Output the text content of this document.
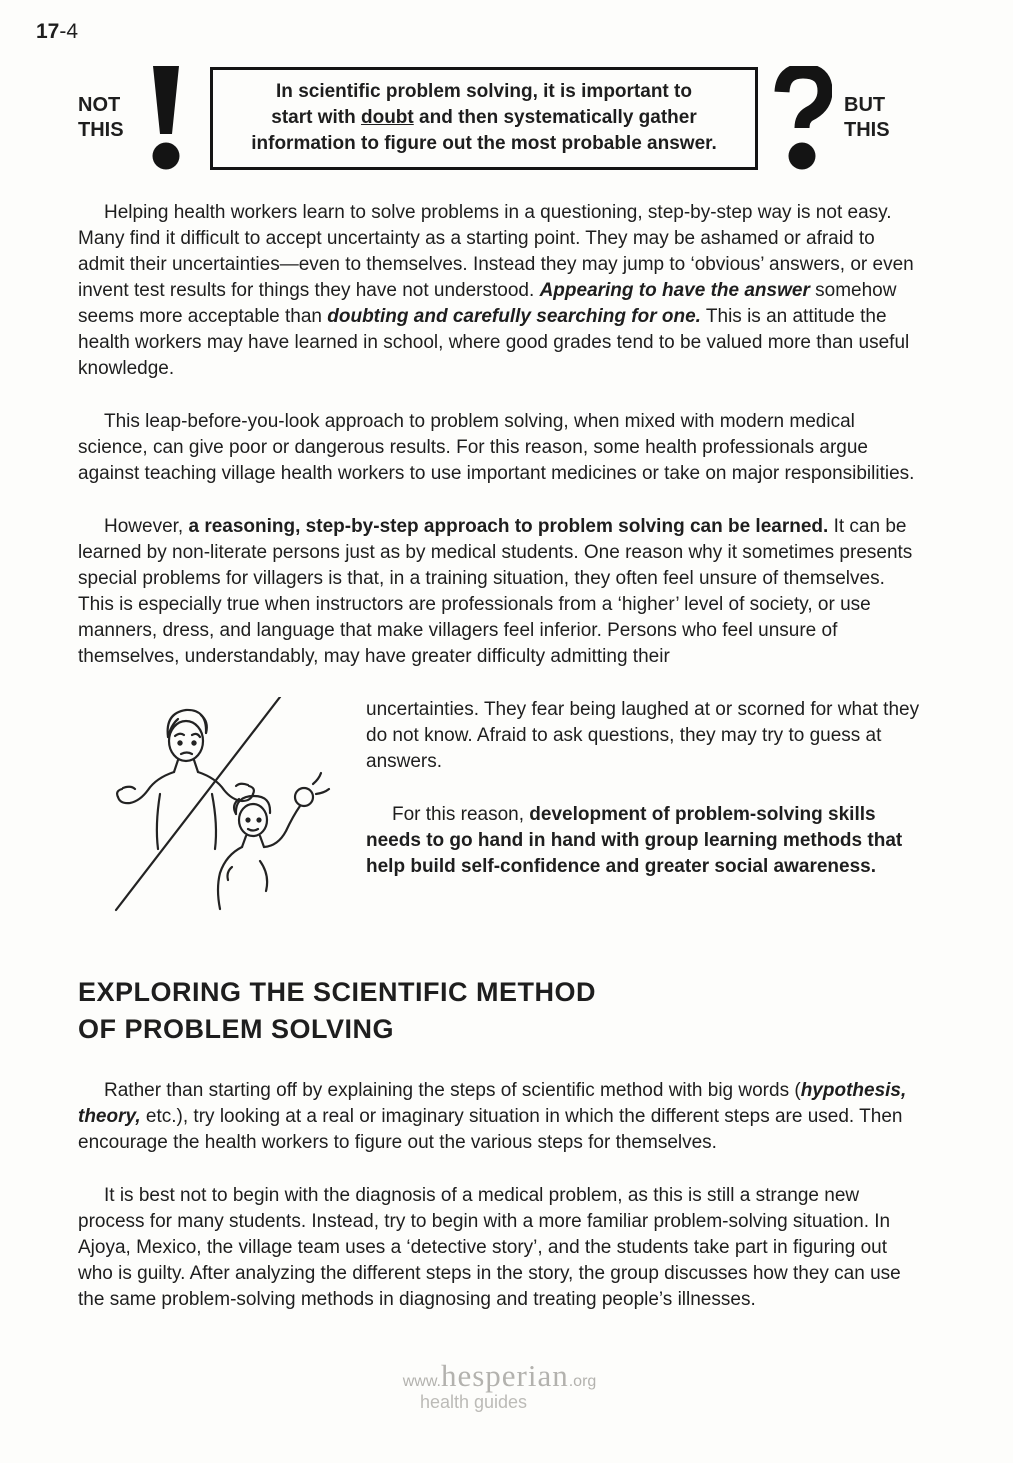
17-4
NOT
THIS
In scientific problem solving, it is important to
start with doubt and then systematically gather
information to figure out the most probable answer.
BUT
THIS

Helping health workers learn to solve problems in a questioning, step-by-step way is not easy. Many find it difficult to accept uncertainty as a starting point. They may be ashamed or afraid to admit their uncertainties—even to themselves. Instead they may jump to ‘obvious’ answers, or even invent test results for things they have not understood. Appearing to have the answer somehow seems more acceptable than doubting and carefully searching for one. This is an attitude the health workers may have learned in school, where good grades tend to be valued more than useful knowledge.

This leap-before-you-look approach to problem solving, when mixed with modern medical science, can give poor or dangerous results. For this reason, some health professionals argue against teaching village health workers to use important medicines or take on major responsibilities.

However, a reasoning, step-by-step approach to problem solving can be learned. It can be learned by non-literate persons just as by medical students. One reason why it sometimes presents special problems for villagers is that, in a training situation, they often feel unsure of themselves. This is especially true when instructors are professionals from a ‘higher’ level of society, or use manners, dress, and language that make villagers feel inferior. Persons who feel unsure of themselves, understandably, may have greater difficulty admitting their

uncertainties. They fear being laughed at or scorned for what they do not know. Afraid to ask questions, they may try to guess at answers.

For this reason, development of problem-solving skills needs to go hand in hand with group learning methods that help build self-confidence and greater social awareness.

EXPLORING THE SCIENTIFIC METHOD
OF PROBLEM SOLVING

Rather than starting off by explaining the steps of scientific method with big words (hypothesis, theory, etc.), try looking at a real or imaginary situation in which the different steps are used. Then encourage the health workers to figure out the various steps for themselves.

It is best not to begin with the diagnosis of a medical problem, as this is still a strange new process for many students. Instead, try to begin with a more familiar problem-solving situation. In Ajoya, Mexico, the village team uses a ‘detective story’, and the students take part in figuring out who is guilty. After analyzing the different steps in the story, the group discusses how they can use the same problem-solving methods in diagnosing and treating people’s illnesses.

www.hesperian.org
health guides
